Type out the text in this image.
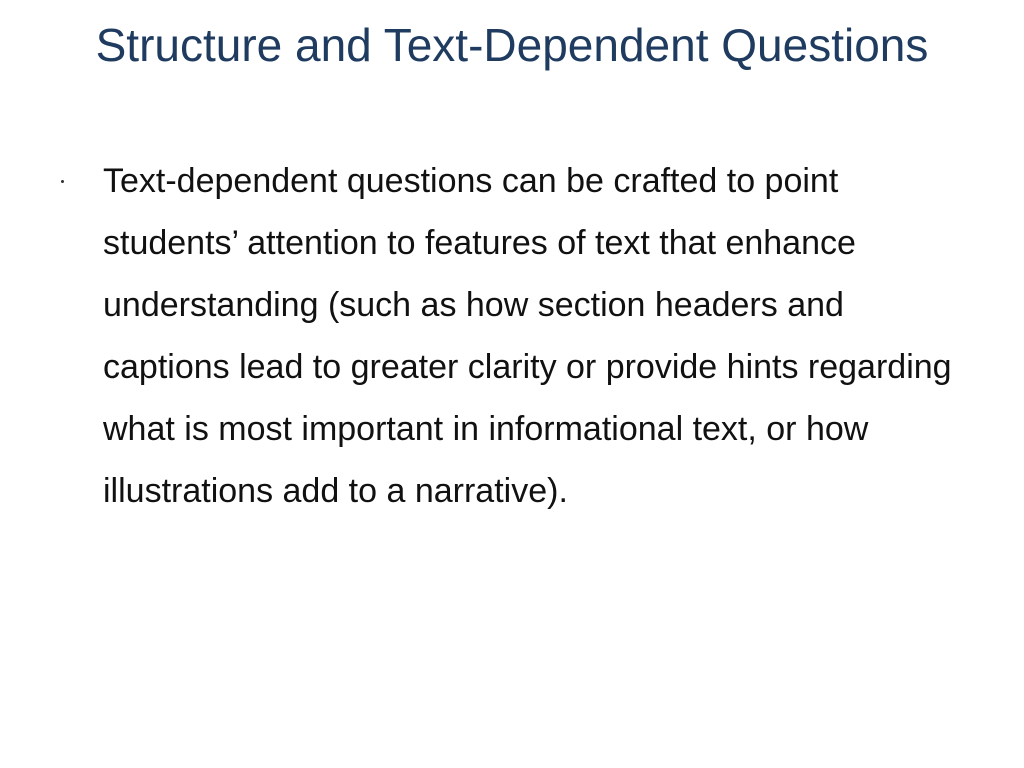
Structure and Text-Dependent Questions
Text-dependent questions can be crafted to point students’ attention to features of text that enhance understanding (such as how section headers and captions lead to greater clarity or provide hints regarding what is most important in informational text, or how illustrations add to a narrative).
